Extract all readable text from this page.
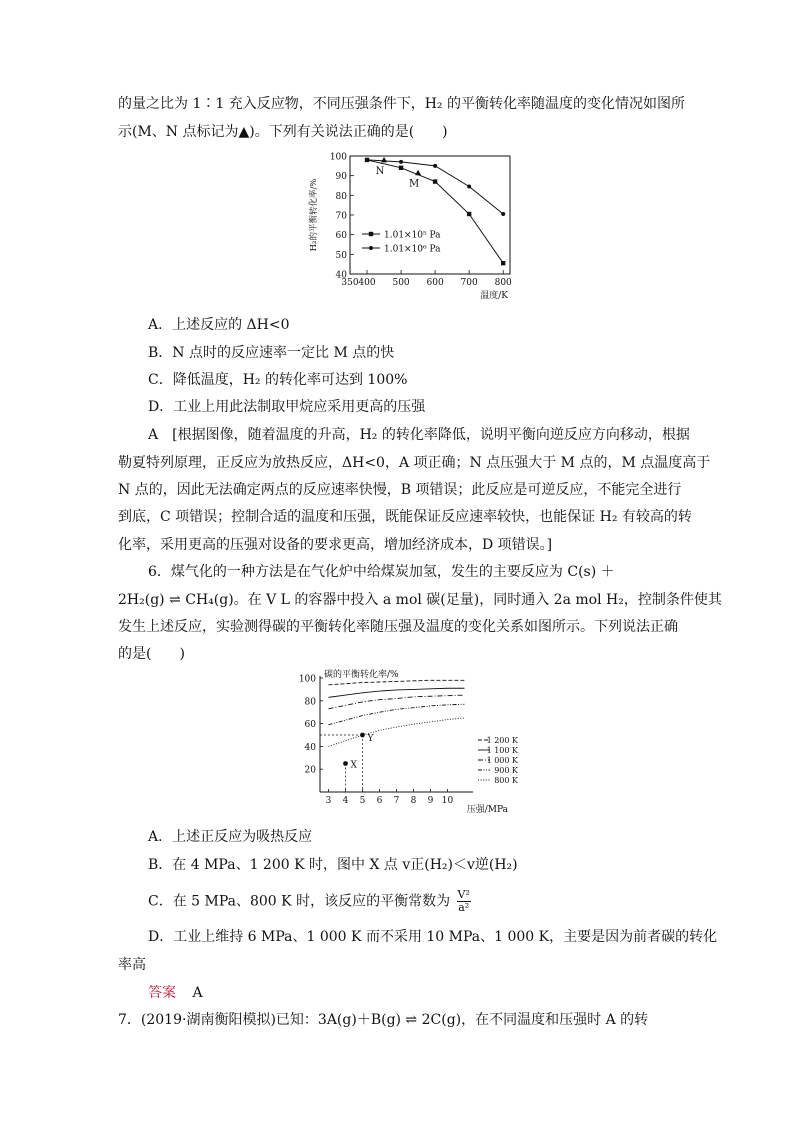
的量之比为 1∶1 充入反应物，不同压强条件下，H₂ 的平衡转化率随温度的变化情况如图所
示(M、N 点标记为▲)。下列有关说法正确的是(　　)
40
50
60
70
80
90
100
350 400 500 600 700 800
温度/K
H₂的平衡转化率/%	1.01×10⁵ Pa
1.01×10⁶ Pa
N
M
A．上述反应的 ΔH<0
B．N 点时的反应速率一定比 M 点的快
C．降低温度，H₂ 的转化率可达到 100%
D．工业上用此法制取甲烷应采用更高的压强
A　[根据图像，随着温度的升高，H₂ 的转化率降低，说明平衡向逆反应方向移动，根据
勒夏特列原理，正反应为放热反应，ΔH<0，A 项正确；N 点压强大于 M 点的，M 点温度高于
N 点的，因此无法确定两点的反应速率快慢，B 项错误；此反应是可逆反应，不能完全进行
到底，C 项错误；控制合适的温度和压强，既能保证反应速率较快，也能保证 H₂ 有较高的转
化率，采用更高的压强对设备的要求更高，增加经济成本，D 项错误。]
6．煤气化的一种方法是在气化炉中给煤炭加氢，发生的主要反应为 C(s) ＋
2H₂(g) ⇌ CH₄(g)。在 V L 的容器中投入 a mol 碳(足量)，同时通入 2a mol H₂，控制条件使其
发生上述反应，实验测得碳的平衡转化率随压强及温度的变化关系如图所示。下列说法正确
的是(　　)
20
40
60
80
100
3 4 5 6 7 8 9 10
压强/MPa
碳的平衡转化率/%
1 200 K
1 100 K
1 000 K
900 K
800 K
X
Y
A．上述正反应为吸热反应
B．在 4 MPa、1 200 K 时，图中 X 点 v正(H₂)＜v逆(H₂)
C．在 5 MPa、800 K 时，该反应的平衡常数为 $\frac{\text{V²}}{\text{a²}}$
D．工业上维持 6 MPa、1 000 K 而不采用 10 MPa、1 000 K，主要是因为前者碳的转化
率高
答案 A
7．(2019·湖南衡阳模拟)已知：3A(g)＋B(g) ⇌ 2C(g)，在不同温度和压强时 A 的转
